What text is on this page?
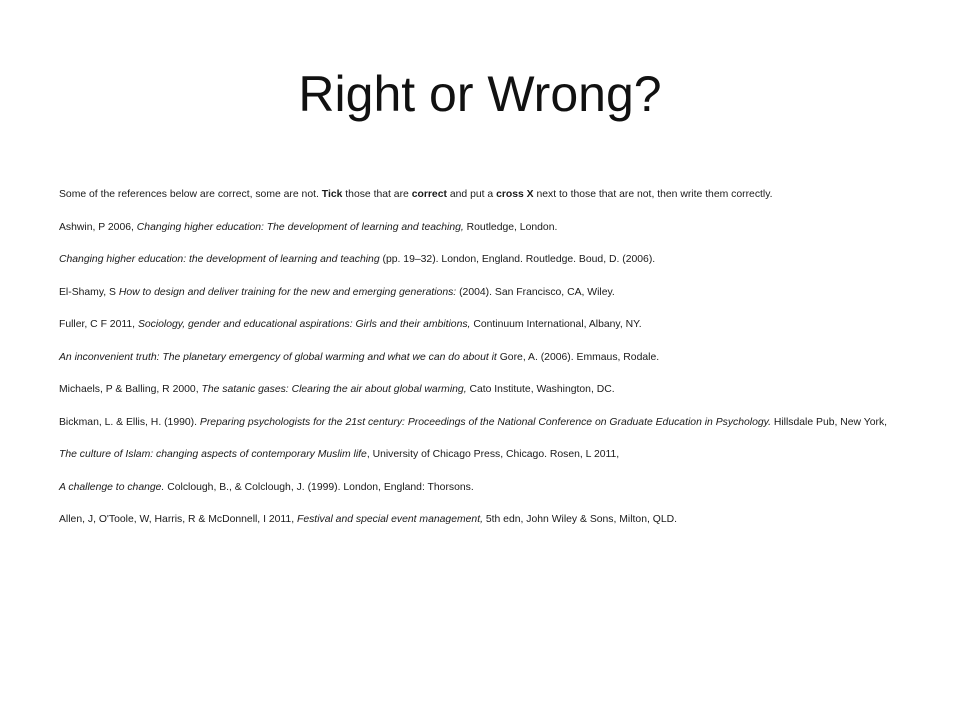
Right or Wrong?

Some of the references below are correct, some are not. Tick those that are correct and put a cross X next to those that are not, then write them correctly.

Ashwin, P 2006, Changing higher education: The development of learning and teaching, Routledge, London.

Changing higher education: the development of learning and teaching (pp. 19–32). London, England. Routledge. Boud, D. (2006).

El-Shamy, S How to design and deliver training for the new and emerging generations: (2004). San Francisco, CA, Wiley.

Fuller, C F 2011, Sociology, gender and educational aspirations: Girls and their ambitions, Continuum International, Albany, NY.

An inconvenient truth: The planetary emergency of global warming and what we can do about it Gore, A. (2006). Emmaus, Rodale.

Michaels, P & Balling, R 2000, The satanic gases: Clearing the air about global warming, Cato Institute, Washington, DC.

Bickman, L. & Ellis, H. (1990). Preparing psychologists for the 21st century: Proceedings of the National Conference on Graduate Education in Psychology. Hillsdale Pub, New York,

The culture of Islam: changing aspects of contemporary Muslim life, University of Chicago Press, Chicago. Rosen, L 2011,

A challenge to change. Colclough, B., & Colclough, J. (1999). London, England: Thorsons.

Allen, J, O'Toole, W, Harris, R & McDonnell, I 2011, Festival and special event management, 5th edn, John Wiley & Sons, Milton, QLD.
